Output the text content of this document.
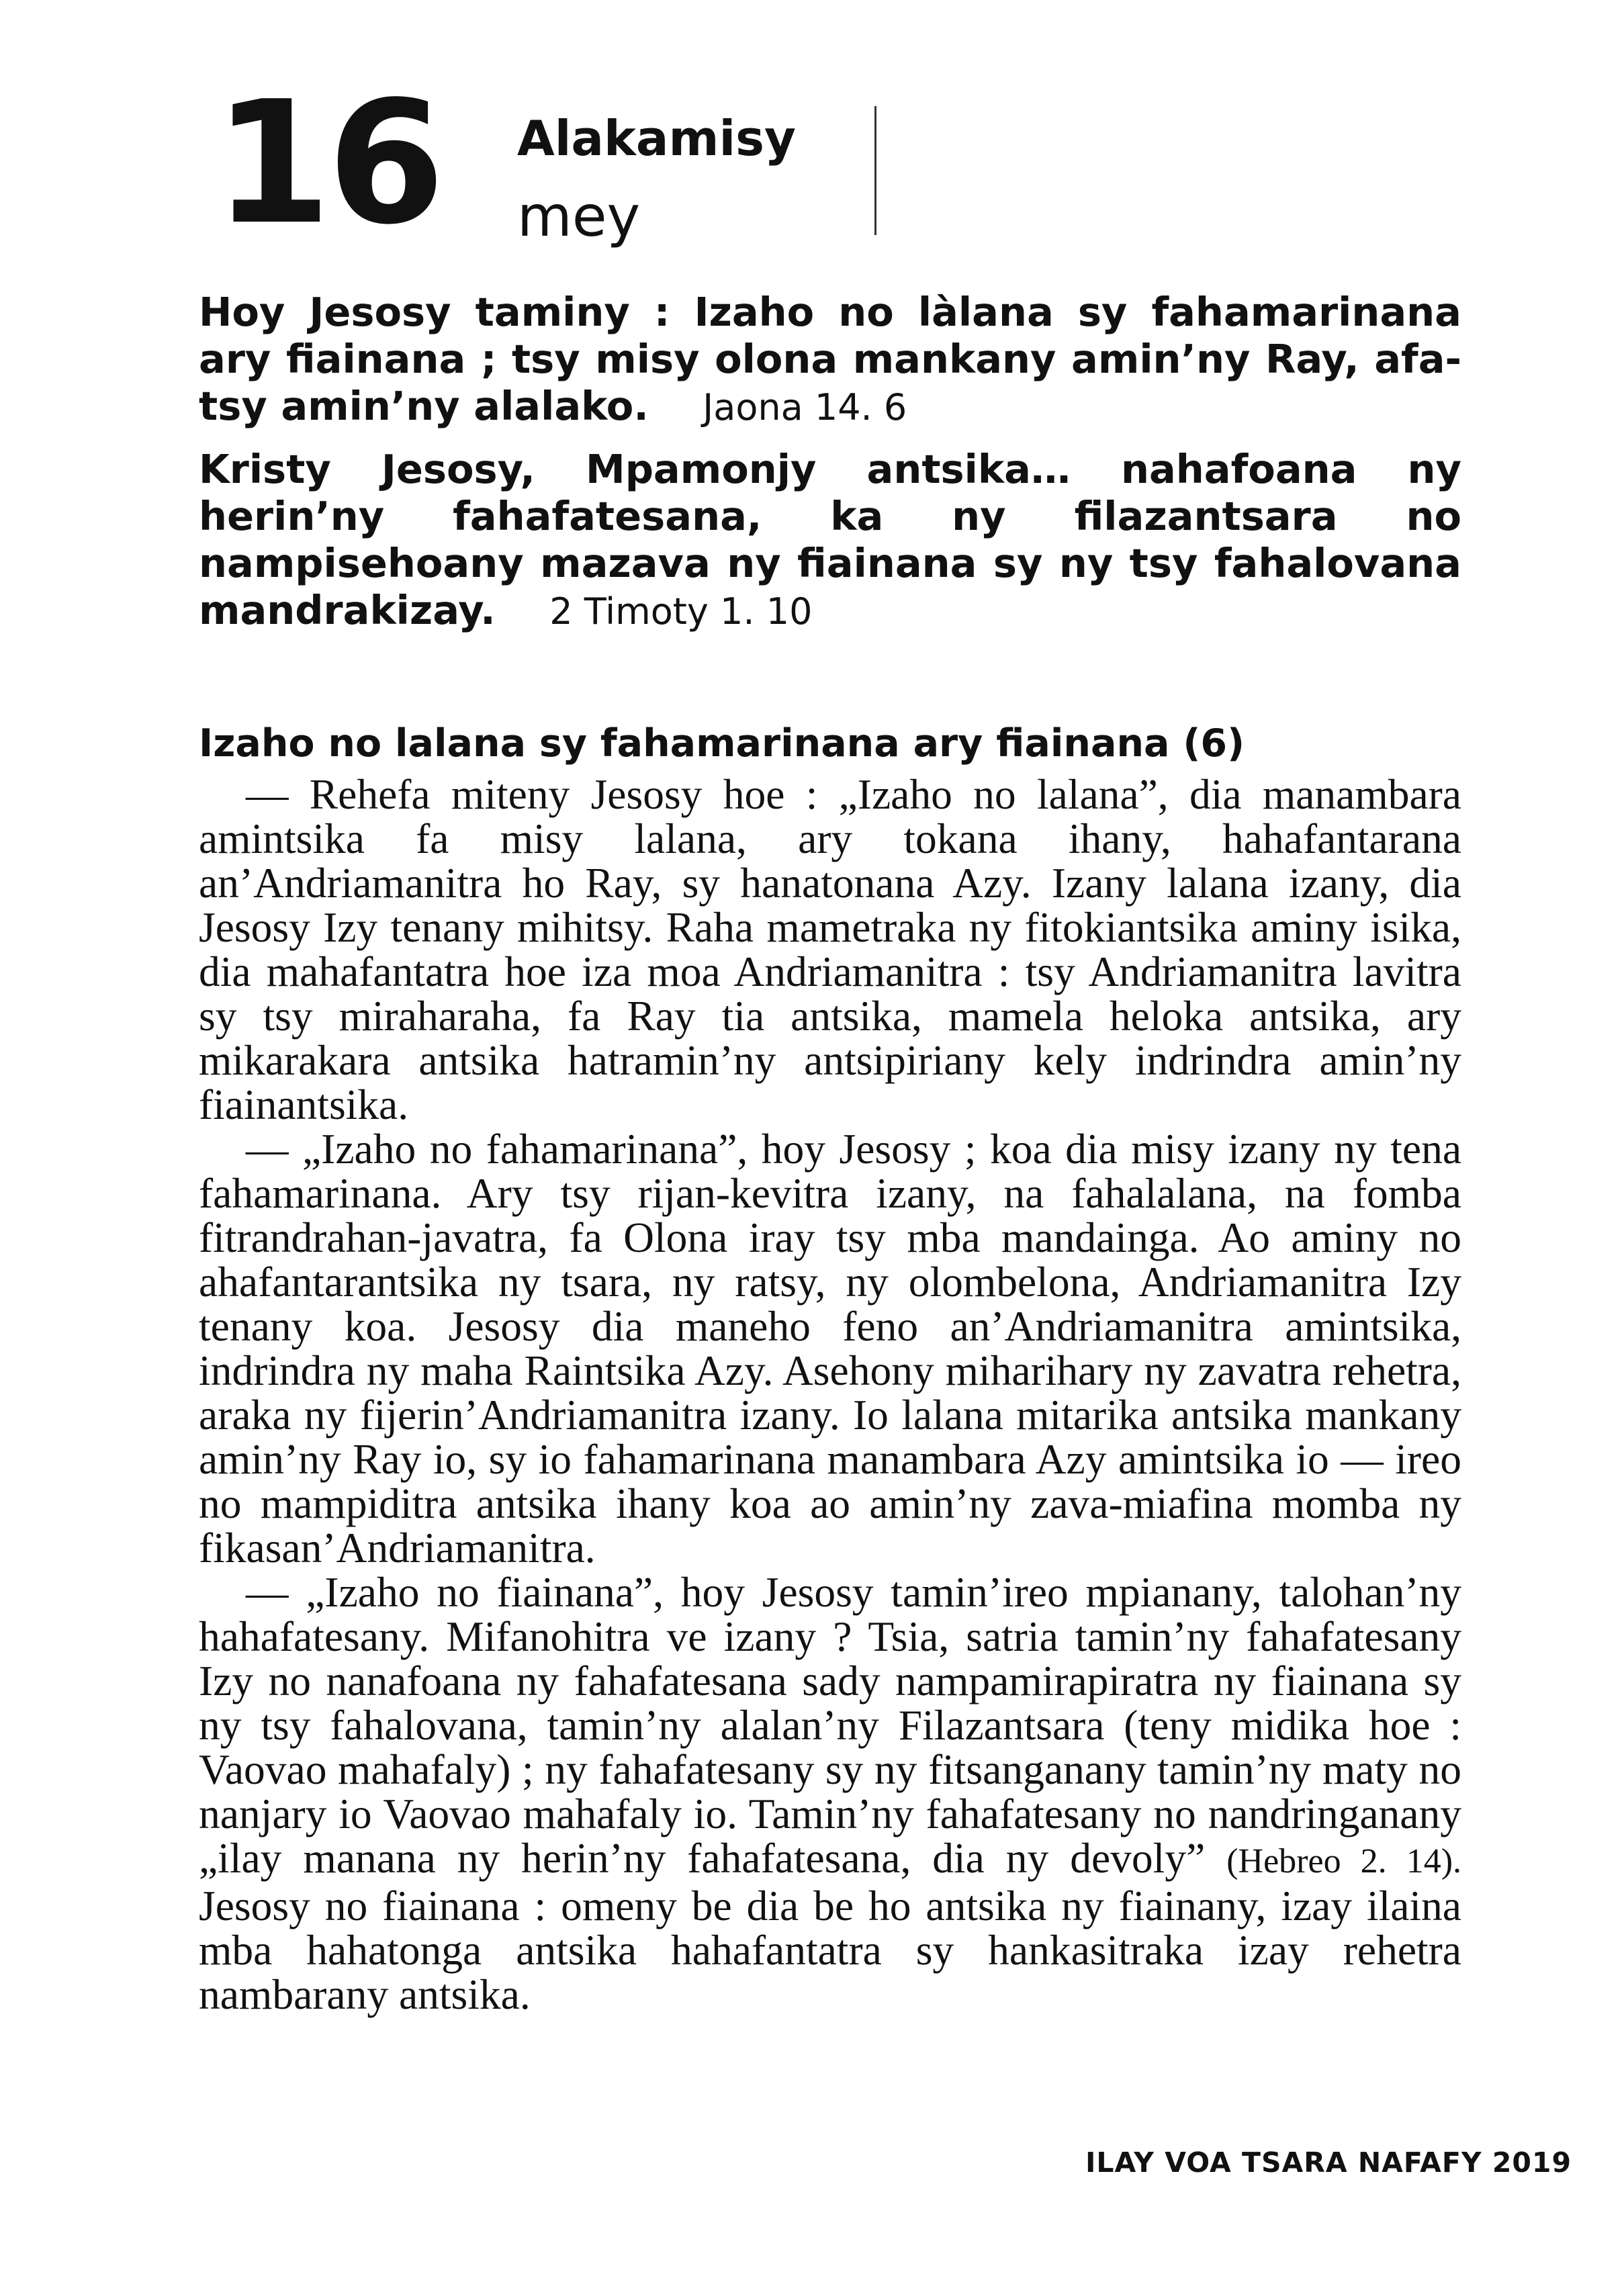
16 Alakamisy
mey

Hoy Jesosy taminy : Izaho no làlana sy fahamarinana ary fiainana ; tsy misy olona mankany amin’ny Ray, afa-tsy amin’ny alalako. Jaona 14. 6

Kristy Jesosy, Mpamonjy antsika… nahafoana ny herin’ny fahafatesana, ka ny filazantsara no nampisehoany mazava ny fiainana sy ny tsy fahalovana mandrakizay. 2 Timoty 1. 10

Izaho no lalana sy fahamarinana ary fiainana (6)

— Rehefa miteny Jesosy hoe : „Izaho no lalana”, dia manambara amintsika fa misy lalana, ary tokana ihany, hahafantarana an’Andriamanitra ho Ray, sy hanatonana Azy. Izany lalana izany, dia Jesosy Izy tenany mihitsy. Raha mametraka ny fitokiantsika aminy isika, dia mahafantatra hoe iza moa Andriamanitra : tsy Andriamanitra lavitra sy tsy miraharaha, fa Ray tia antsika, mamela heloka antsika, ary mikarakara antsika hatramin’ny antsipiriany kely indrindra amin’ny fiainantsika.

— „Izaho no fahamarinana”, hoy Jesosy ; koa dia misy izany ny tena fahamarinana. Ary tsy rijan-kevitra izany, na fahalalana, na fomba fitrandrahan-javatra, fa Olona iray tsy mba mandainga. Ao aminy no ahafantarantsika ny tsara, ny ratsy, ny olombelona, Andriamanitra Izy tenany koa. Jesosy dia maneho feno an’Andriamanitra amintsika, indrindra ny maha Raintsika Azy. Asehony miharihary ny zavatra rehetra, araka ny fijerin’Andriamanitra izany. Io lalana mitarika antsika mankany amin’ny Ray io, sy io fahamarinana manambara Azy amintsika io — ireo no mampiditra antsika ihany koa ao amin’ny zava-miafina momba ny fikasan’Andriamanitra.

— „Izaho no fiainana”, hoy Jesosy tamin’ireo mpianany, talohan’ny hahafatesany. Mifanohitra ve izany ? Tsia, satria tamin’ny fahafatesany Izy no nanafoana ny fahafatesana sady nampamirapiratra ny fiainana sy ny tsy fahalovana, tamin’ny alalan’ny Filazantsara (teny midika hoe : Vaovao mahafaly) ; ny fahafatesany sy ny fitsanganany tamin’ny maty no nanjary io Vaovao mahafaly io. Tamin’ny fahafatesany no nandringanany „ilay manana ny herin’ny fahafatesana, dia ny devoly” (Hebreo 2. 14). Jesosy no fiainana : omeny be dia be ho antsika ny fiainany, izay ilaina mba hahatonga antsika hahafantatra sy hankasitraka izay rehetra nambarany antsika.

ILAY VOA TSARA NAFAFY 2019
